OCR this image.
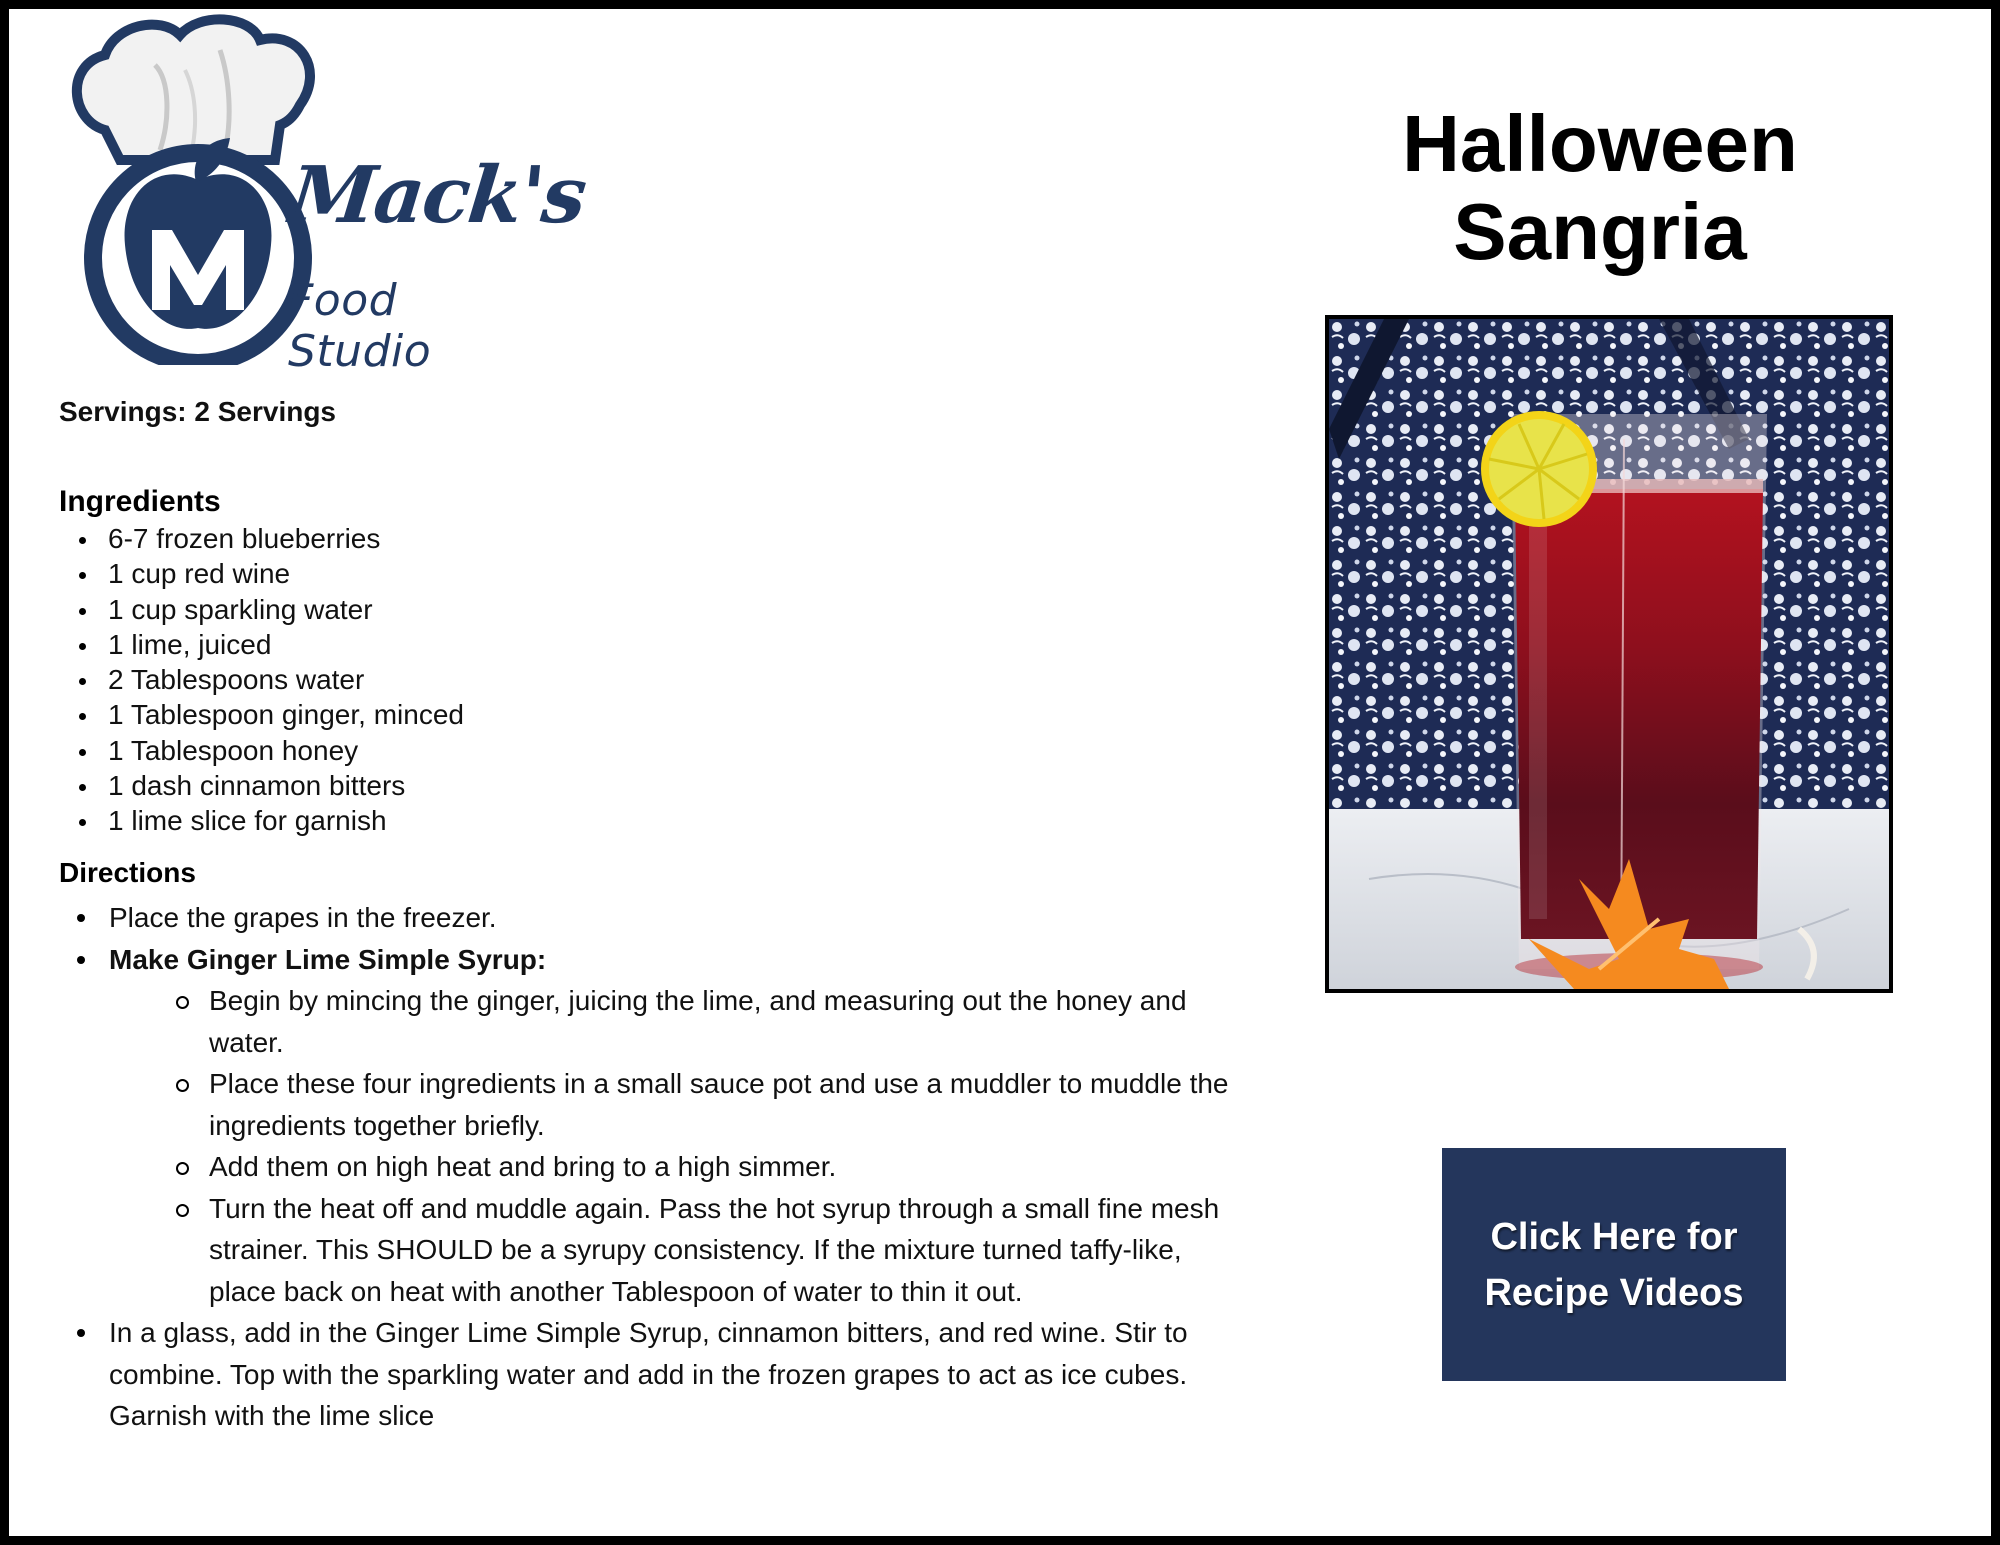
Mack's
Food Studio
Halloween
Sangria
Click Here for Recipe Videos
Servings: 2 Servings
Ingredients
6-7 frozen blueberries
1 cup red wine
1 cup sparkling water
1 lime, juiced
2 Tablespoons water
1 Tablespoon ginger, minced
1 Tablespoon honey
1 dash cinnamon bitters
1 lime slice for garnish
Directions
Place the grapes in the freezer.
Make Ginger Lime Simple Syrup:
Begin by mincing the ginger, juicing the lime, and measuring out the honey and water.
Place these four ingredients in a small sauce pot and use a muddler to muddle the ingredients together briefly.
Add them on high heat and bring to a high simmer.
Turn the heat off and muddle again. Pass the hot syrup through a small fine mesh strainer. This SHOULD be a syrupy consistency. If the mixture turned taffy-like, place back on heat with another Tablespoon of water to thin it out.
In a glass, add in the Ginger Lime Simple Syrup, cinnamon bitters, and red wine. Stir to combine. Top with the sparkling water and add in the frozen grapes to act as ice cubes. Garnish with the lime slice
